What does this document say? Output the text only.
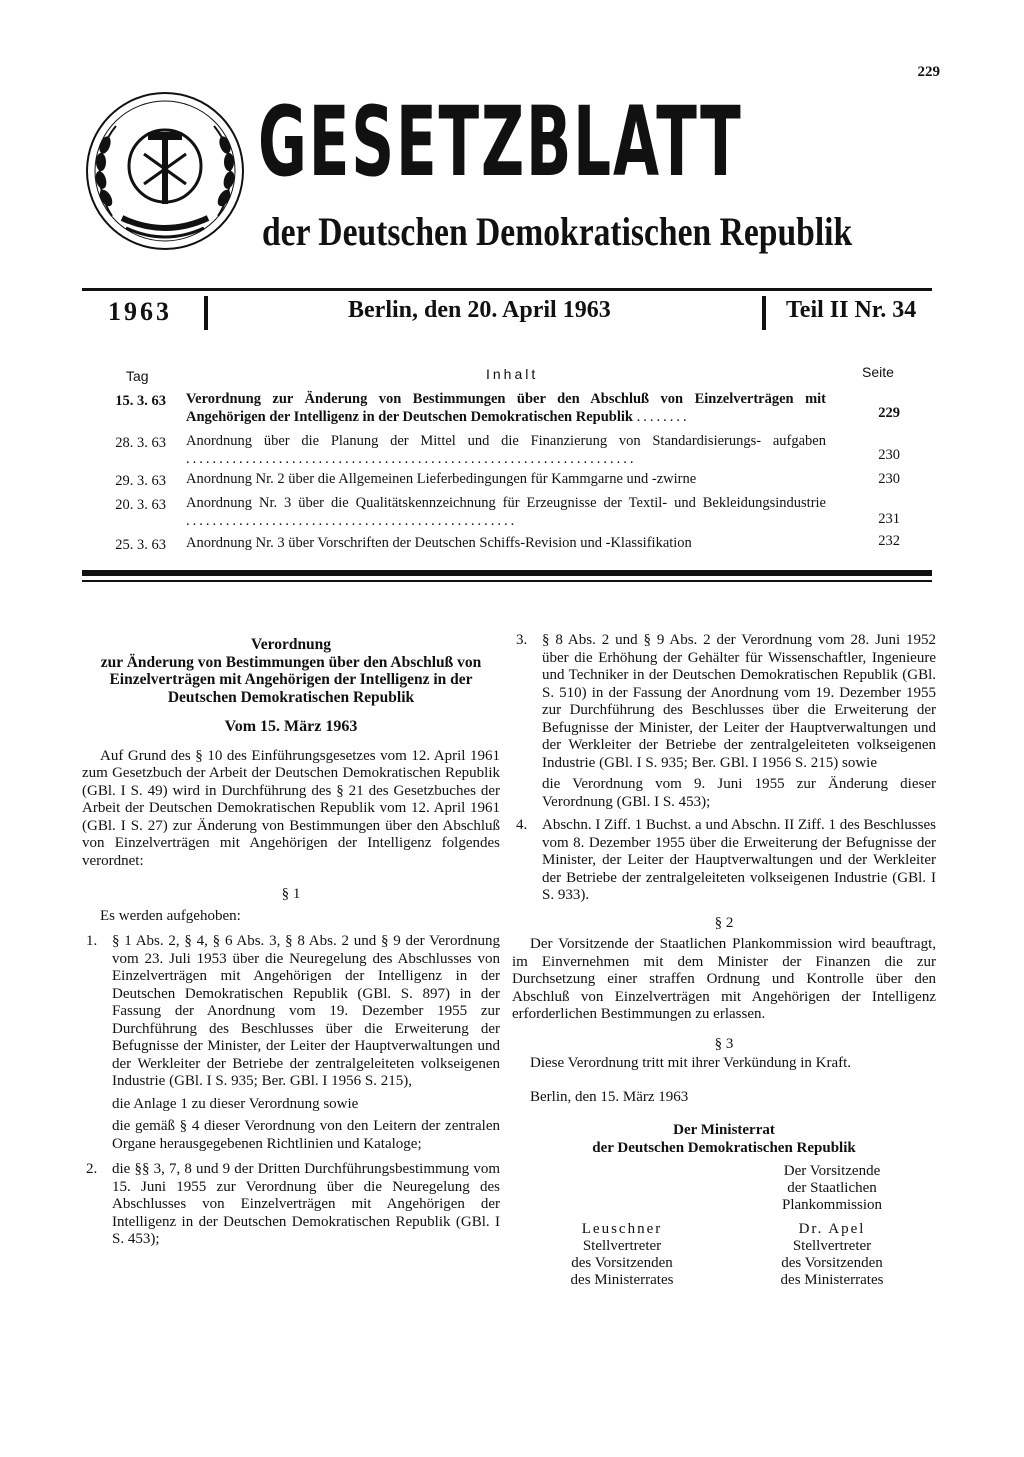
229
GESETZBLATT
der Deutschen Demokratischen Republik
1963	Berlin, den 20. April 1963	Teil II Nr. 34
Tag	Inhalt	Seite
15. 3. 63 Verordnung zur Änderung von Bestimmungen über den Abschluß von Einzelverträgen mit Angehörigen der Intelligenz in der Deutschen Demokratischen Republik ........	229
28. 3. 63 Anordnung über die Planung der Mittel und die Finanzierung von Standardisierungs- aufgaben ....................................................................	230
29. 3. 63 Anordnung Nr. 2 über die Allgemeinen Lieferbedingungen für Kammgarne und -zwirne	230
20. 3. 63 Anordnung Nr. 3 über die Qualitätskennzeichnung für Erzeugnisse der Textil- und Bekleidungsindustrie ..................................................	231
25. 3. 63 Anordnung Nr. 3 über Vorschriften der Deutschen Schiffs-Revision und -Klassifikation	232

Verordnung

zur Änderung von Bestimmungen über den Abschluß von Einzelverträgen mit Angehörigen der Intelligenz in der Deutschen Demokratischen Republik

Vom 15. März 1963

Auf Grund des § 10 des Einführungsgesetzes vom 12. April 1961 zum Gesetzbuch der Arbeit der Deutschen Demokratischen Republik (GBl. I S. 49) wird in Durchführung des § 21 des Gesetzbuches der Arbeit der Deutschen Demokratischen Republik vom 12. April 1961 (GBl. I S. 27) zur Änderung von Bestimmungen über den Abschluß von Einzelverträgen mit Angehörigen der Intelligenz folgendes verordnet:

§ 1

Es werden aufgehoben:

1. § 1 Abs. 2, § 4, § 6 Abs. 3, § 8 Abs. 2 und § 9 der Verordnung vom 23. Juli 1953 über die Neuregelung des Abschlusses von Einzelverträgen mit Angehörigen der Intelligenz in der Deutschen Demokratischen Republik (GBl. S. 897) in der Fassung der Anordnung vom 19. Dezember 1955 zur Durchführung des Beschlusses über die Erweiterung der Befugnisse der Minister, der Leiter der Hauptverwaltungen und der Werkleiter der Betriebe der zentralgeleiteten volkseigenen Industrie (GBl. I S. 935; Ber. GBl. I 1956 S. 215),

die Anlage 1 zu dieser Verordnung sowie

die gemäß § 4 dieser Verordnung von den Leitern der zentralen Organe herausgegebenen Richtlinien und Kataloge;

2. die §§ 3, 7, 8 und 9 der Dritten Durchführungsbestimmung vom 15. Juni 1955 zur Verordnung über die Neuregelung des Abschlusses von Einzelverträgen mit Angehörigen der Intelligenz in der Deutschen Demokratischen Republik (GBl. I S. 453);

3. § 8 Abs. 2 und § 9 Abs. 2 der Verordnung vom 28. Juni 1952 über die Erhöhung der Gehälter für Wissenschaftler, Ingenieure und Techniker in der Deutschen Demokratischen Republik (GBl. S. 510) in der Fassung der Anordnung vom 19. Dezember 1955 zur Durchführung des Beschlusses über die Erweiterung der Befugnisse der Minister, der Leiter der Hauptverwaltungen und der Werkleiter der Betriebe der zentralgeleiteten volkseigenen Industrie (GBl. I S. 935; Ber. GBl. I 1956 S. 215) sowie

die Verordnung vom 9. Juni 1955 zur Änderung dieser Verordnung (GBl. I S. 453);

4. Abschn. I Ziff. 1 Buchst. a und Abschn. II Ziff. 1 des Beschlusses vom 8. Dezember 1955 über die Erweiterung der Befugnisse der Minister, der Leiter der Hauptverwaltungen und der Werkleiter der Betriebe der zentralgeleiteten volkseigenen Industrie (GBl. I S. 933).

§ 2

Der Vorsitzende der Staatlichen Plankommission wird beauftragt, im Einvernehmen mit dem Minister der Finanzen die zur Durchsetzung einer straffen Ordnung und Kontrolle über den Abschluß von Einzelverträgen mit Angehörigen der Intelligenz erforderlichen Bestimmungen zu erlassen.

§ 3

Diese Verordnung tritt mit ihrer Verkündung in Kraft.

Berlin, den 15. März 1963

Der Ministerrat

der Deutschen Demokratischen Republik

Der Vorsitzende
der Staatlichen
Plankommission
Leuschner
Stellvertreter
des Vorsitzenden
des Ministerrates
Dr. Apel
Stellvertreter
des Vorsitzenden
des Ministerrates
